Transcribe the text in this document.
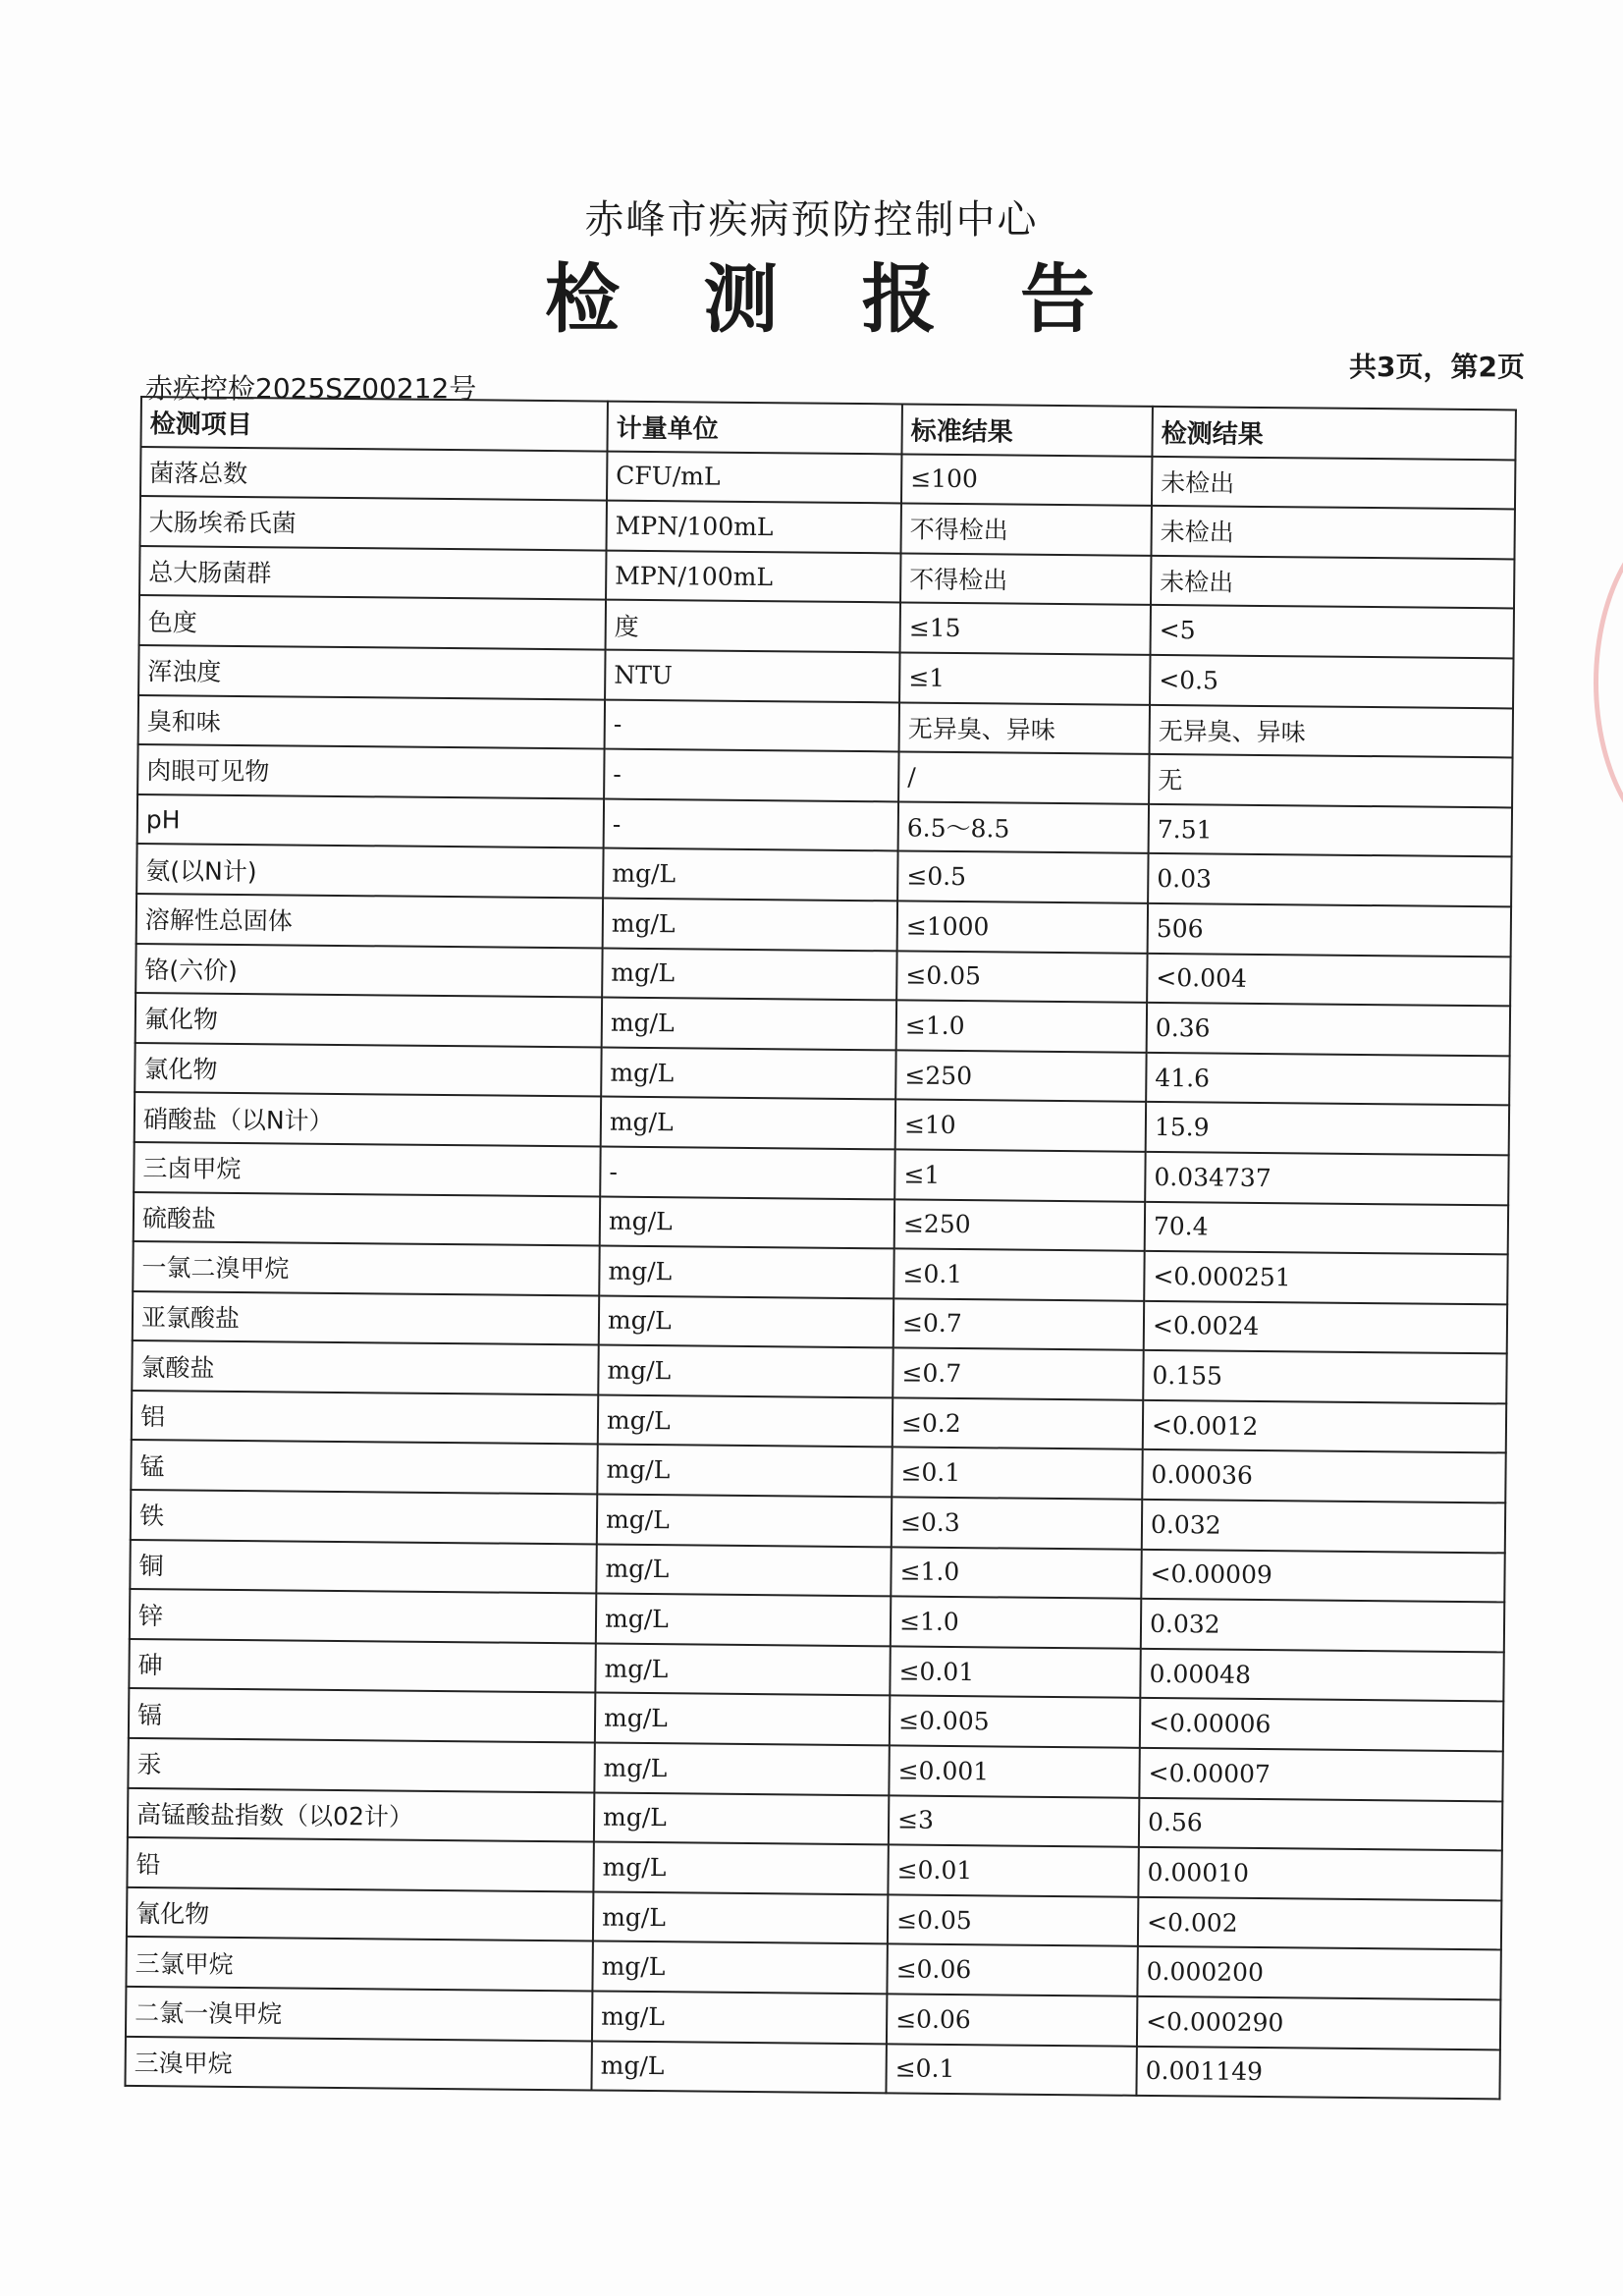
赤峰市疾病预防控制中心
检 测 报 告
赤疾控检2025SZ00212号
共3页，第2页
检测项目	计量单位	标准结果	检测结果
菌落总数	CFU/mL	≤100	未检出
大肠埃希氏菌	MPN/100mL	不得检出	未检出
总大肠菌群	MPN/100mL	不得检出	未检出
色度	度	≤15	<5
浑浊度	NTU	≤1	<0.5
臭和味	-	无异臭、异味	无异臭、异味
肉眼可见物	-	/	无
pH	-	6.5～8.5	7.51
氨(以N计)	mg/L	≤0.5	0.03
溶解性总固体	mg/L	≤1000	506
铬(六价)	mg/L	≤0.05	<0.004
氟化物	mg/L	≤1.0	0.36
氯化物	mg/L	≤250	41.6
硝酸盐（以N计）	mg/L	≤10	15.9
三卤甲烷	-	≤1	0.034737
硫酸盐	mg/L	≤250	70.4
一氯二溴甲烷	mg/L	≤0.1	<0.000251
亚氯酸盐	mg/L	≤0.7	<0.0024
氯酸盐	mg/L	≤0.7	0.155
铝	mg/L	≤0.2	<0.0012
锰	mg/L	≤0.1	0.00036
铁	mg/L	≤0.3	0.032
铜	mg/L	≤1.0	<0.00009
锌	mg/L	≤1.0	0.032
砷	mg/L	≤0.01	0.00048
镉	mg/L	≤0.005	<0.00006
汞	mg/L	≤0.001	<0.00007
高锰酸盐指数（以02计）	mg/L	≤3	0.56
铅	mg/L	≤0.01	0.00010
氰化物	mg/L	≤0.05	<0.002
三氯甲烷	mg/L	≤0.06	0.000200
二氯一溴甲烷	mg/L	≤0.06	<0.000290
三溴甲烷	mg/L	≤0.1	0.001149
